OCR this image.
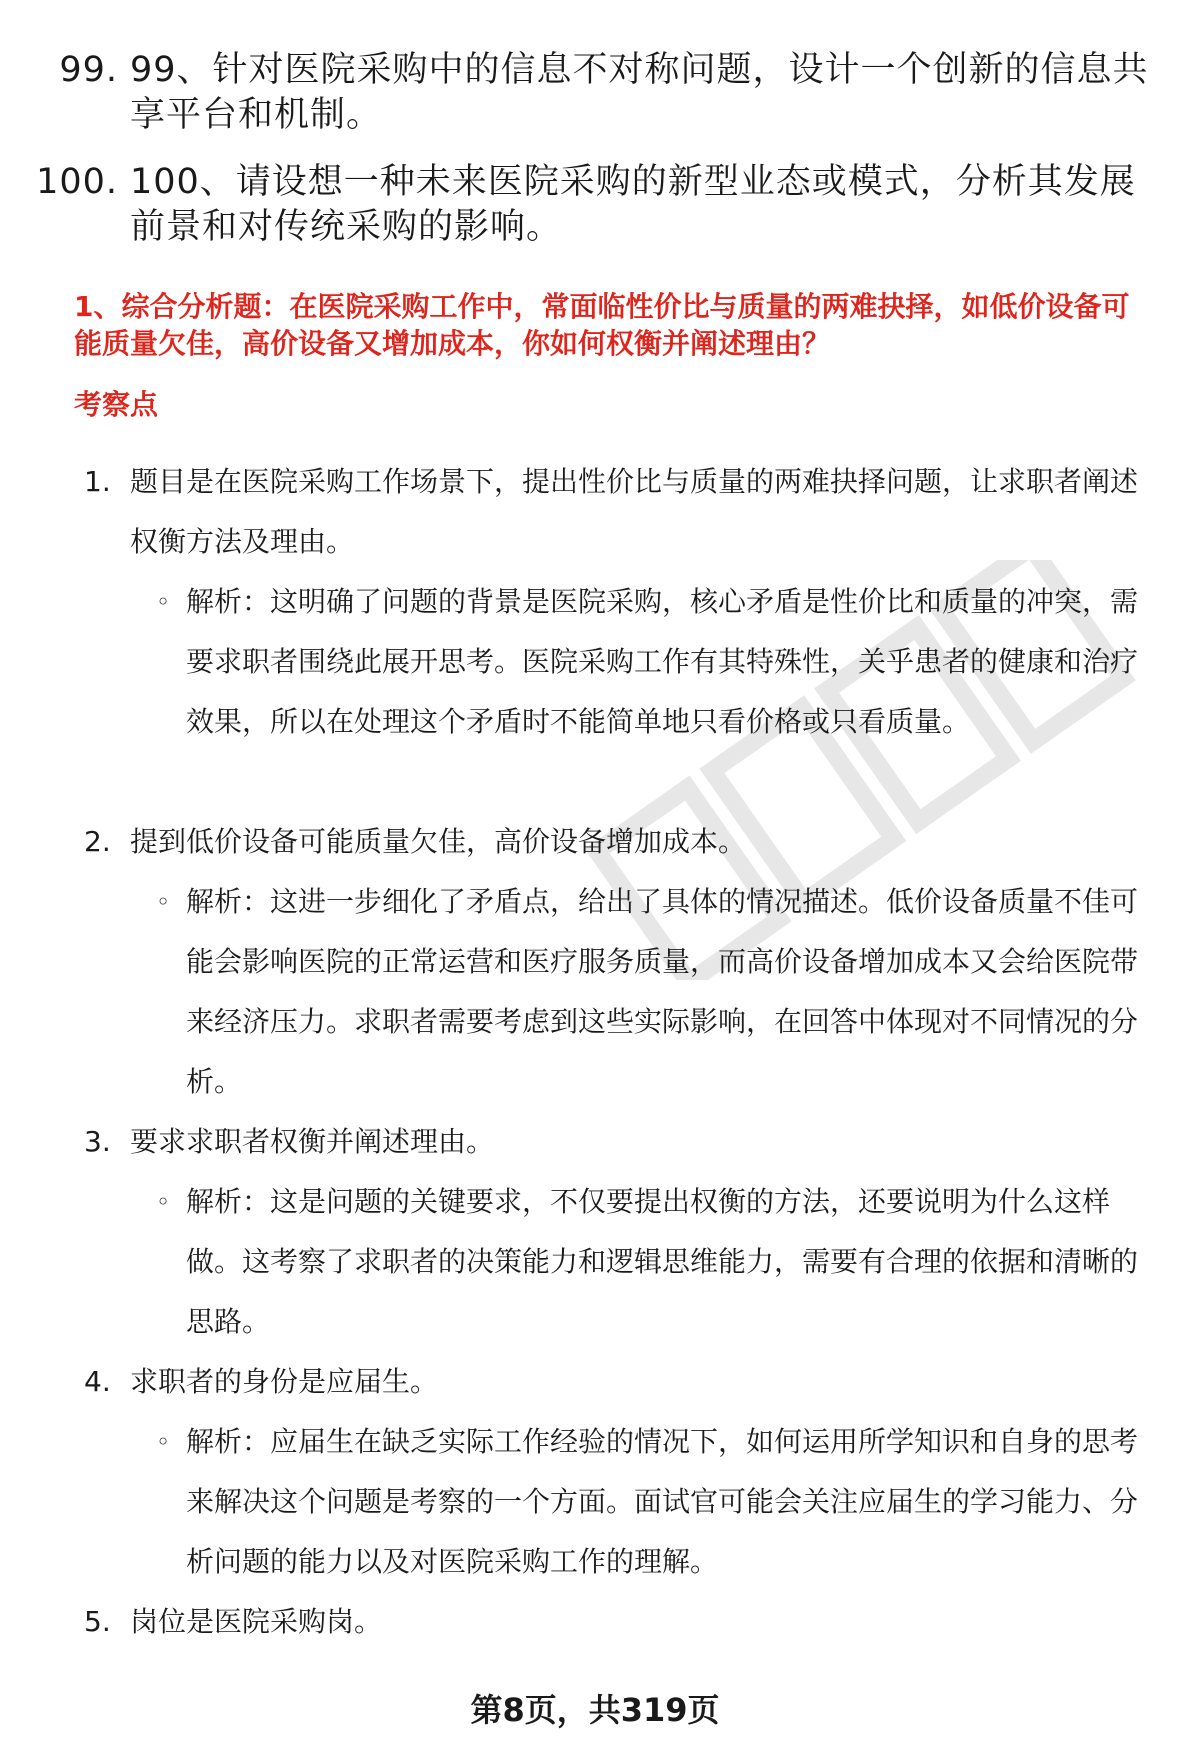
99. 99、针对医院采购中的信息不对称问题，设计一个创新的信息共享平台和机制。
100. 100、请设想一种未来医院采购的新型业态或模式，分析其发展前景和对传统采购的影响。
1、综合分析题：在医院采购工作中，常面临性价比与质量的两难抉择，如低价设备可能质量欠佳，高价设备又增加成本，你如何权衡并阐述理由？
考察点
1. 题目是在医院采购工作场景下，提出性价比与质量的两难抉择问题，让求职者阐述权衡方法及理由。
◦ 解析：这明确了问题的背景是医院采购，核心矛盾是性价比和质量的冲突，需要求职者围绕此展开思考。医院采购工作有其特殊性，关乎患者的健康和治疗效果，所以在处理这个矛盾时不能简单地只看价格或只看质量。
2. 提到低价设备可能质量欠佳，高价设备增加成本。
◦ 解析：这进一步细化了矛盾点，给出了具体的情况描述。低价设备质量不佳可能会影响医院的正常运营和医疗服务质量，而高价设备增加成本又会给医院带来经济压力。求职者需要考虑到这些实际影响，在回答中体现对不同情况的分析。
3. 要求求职者权衡并阐述理由。
◦ 解析：这是问题的关键要求，不仅要提出权衡的方法，还要说明为什么这样做。这考察了求职者的决策能力和逻辑思维能力，需要有合理的依据和清晰的思路。
4. 求职者的身份是应届生。
◦ 解析：应届生在缺乏实际工作经验的情况下，如何运用所学知识和自身的思考来解决这个问题是考察的一个方面。面试官可能会关注应届生的学习能力、分析问题的能力以及对医院采购工作的理解。
5. 岗位是医院采购岗。
第8页，共319页
